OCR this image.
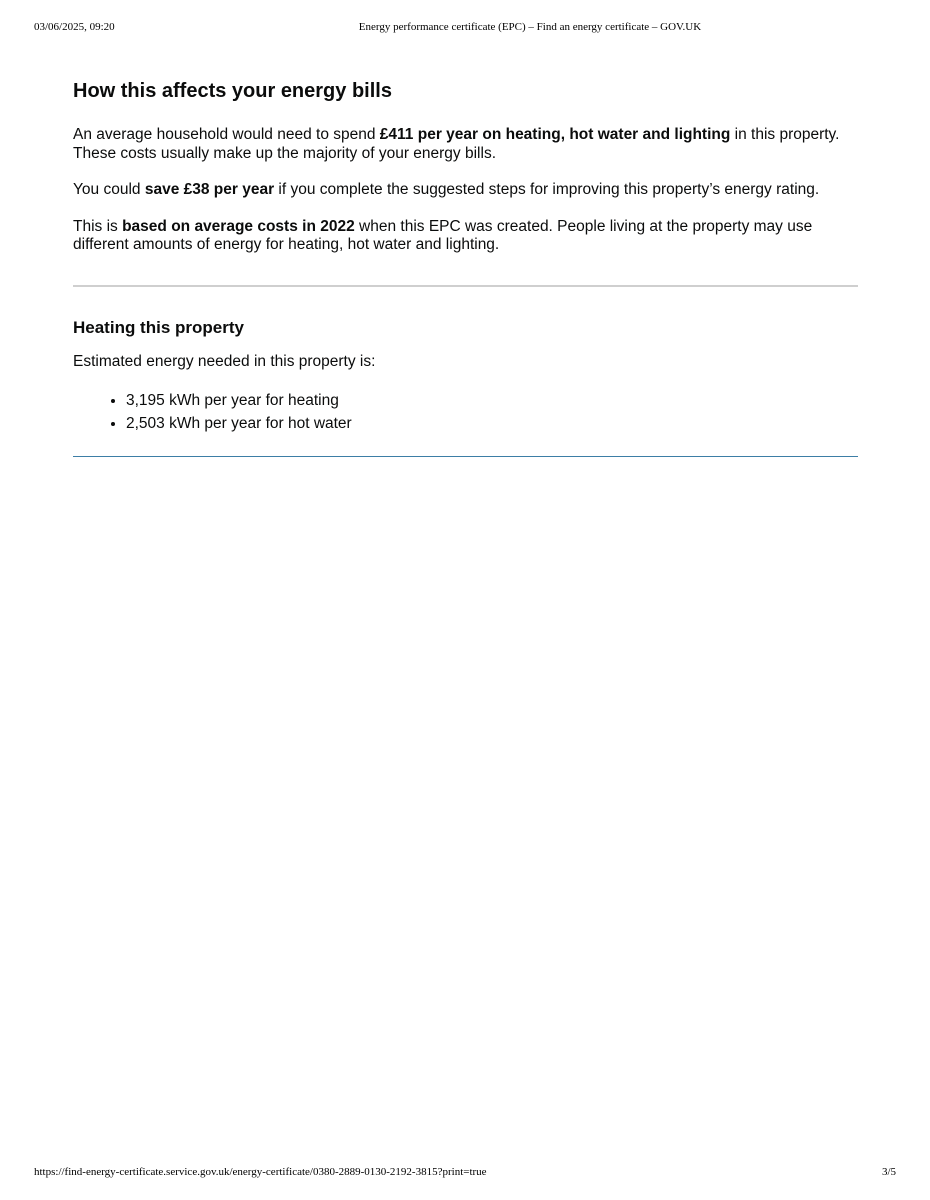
03/06/2025, 09:20	Energy performance certificate (EPC) – Find an energy certificate – GOV.UK
How this affects your energy bills

An average household would need to spend £411 per year on heating, hot water and lighting in this property. These costs usually make up the majority of your energy bills.

You could save £38 per year if you complete the suggested steps for improving this property’s energy rating.

This is based on average costs in 2022 when this EPC was created. People living at the property may use different amounts of energy for heating, hot water and lighting.

Heating this property

Estimated energy needed in this property is:

• 3,195 kWh per year for heating
• 2,503 kWh per year for hot water
https://find-energy-certificate.service.gov.uk/energy-certificate/0380-2889-0130-2192-3815?print=true	3/5
